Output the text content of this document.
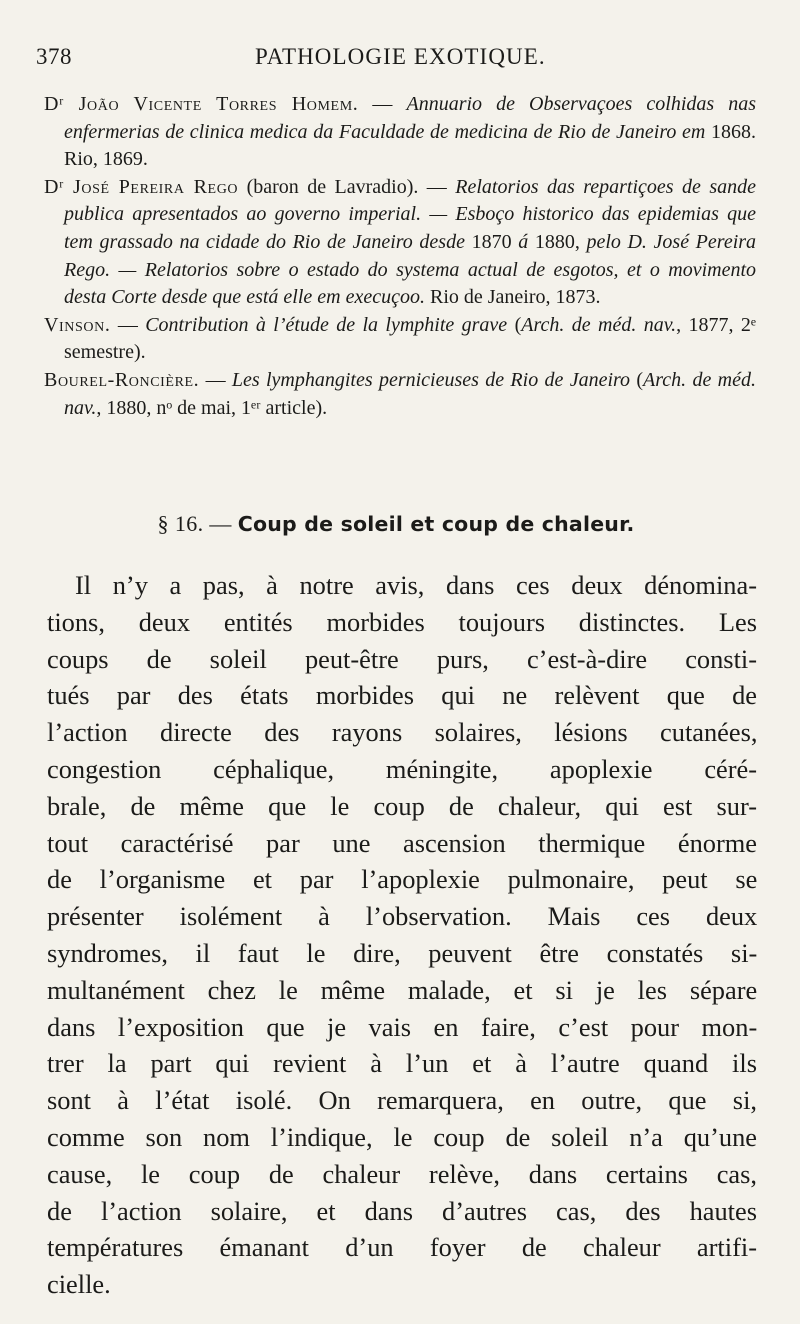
378	PATHOLOGIE EXOTIQUE.

Dʳ João Vicente Torres Homem. — Annuario de Observaçoes colhidas nas enfermerias de clinica medica da Faculdade de medicina de Rio de Janeiro em 1868. Rio, 1869.

Dʳ José Pereira Rego (baron de Lavradio). — Relatorios das repartiçoes de sande publica apresentados ao governo imperial. — Esboço historico das epidemias que tem grassado na cidade do Rio de Janeiro desde 1870 á 1880, pelo D. José Pereira Rego. — Relatorios sobre o estado do systema actual de esgotos, et o movimento desta Corte desde que está elle em execuçoo. Rio de Janeiro, 1873.

Vinson. — Contribution à l’étude de la lymphite grave (Arch. de méd. nav., 1877, 2ᵉ semestre).

Bourel-Roncière. — Les lymphangites pernicieuses de Rio de Janeiro (Arch. de méd. nav., 1880, nᵒ de mai, 1ᵉʳ article).

§ 16. — Coup de soleil et coup de chaleur.
Il n’y a pas, à notre avis, dans ces deux dénomina-
tions, deux entités morbides toujours distinctes. Les
coups de soleil peut-être purs, c’est-à-dire consti-
tués par des états morbides qui ne relèvent que de
l’action directe des rayons solaires, lésions cutanées,
congestion céphalique, méningite, apoplexie céré-
brale, de même que le coup de chaleur, qui est sur-
tout caractérisé par une ascension thermique énorme
de l’organisme et par l’apoplexie pulmonaire, peut se
présenter isolément à l’observation. Mais ces deux
syndromes, il faut le dire, peuvent être constatés si-
multanément chez le même malade, et si je les sépare
dans l’exposition que je vais en faire, c’est pour mon-
trer la part qui revient à l’un et à l’autre quand ils
sont à l’état isolé. On remarquera, en outre, que si,
comme son nom l’indique, le coup de soleil n’a qu’une
cause, le coup de chaleur relève, dans certains cas,
de l’action solaire, et dans d’autres cas, des hautes
températures émanant d’un foyer de chaleur artifi-
cielle.
